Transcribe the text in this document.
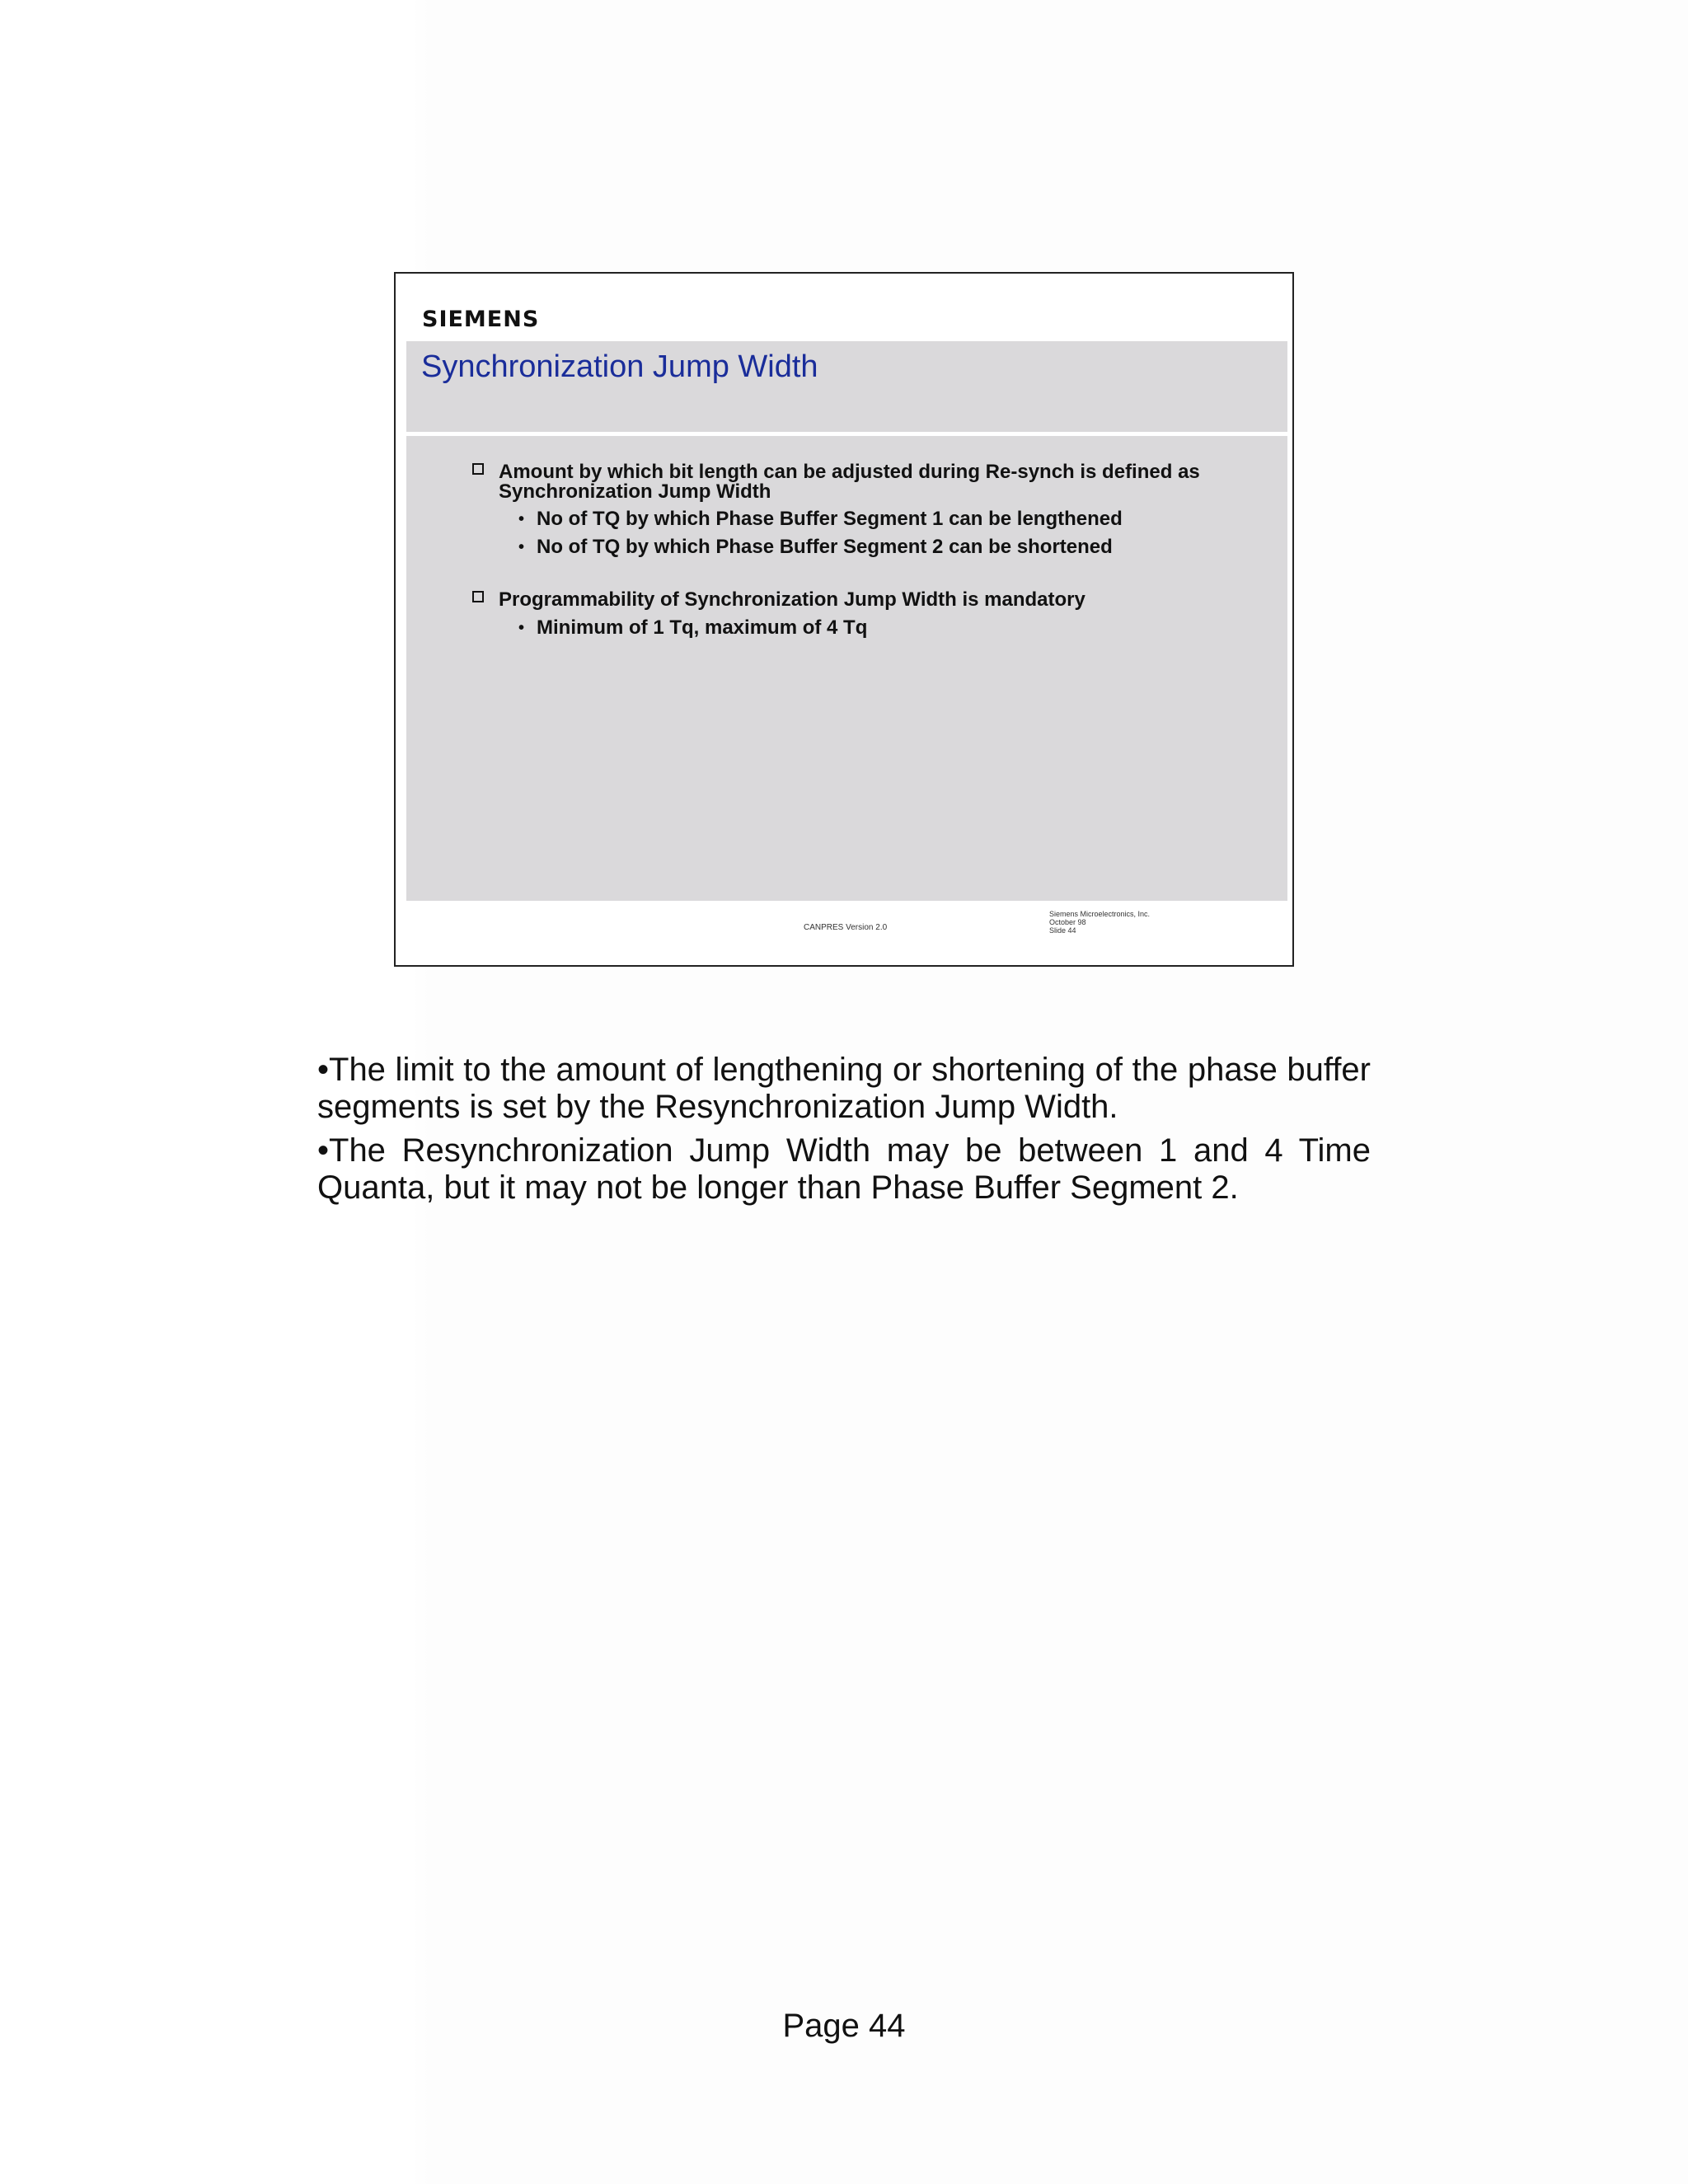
SIEMENS
Synchronization Jump Width
Amount by which bit length can be adjusted during Re-synch is defined as
Synchronization Jump Width
• No of TQ by which Phase Buffer Segment 1 can be lengthened
• No of TQ by which Phase Buffer Segment 2 can be shortened
Programmability of Synchronization Jump Width is mandatory
• Minimum of 1 Tq, maximum of 4 Tq
CANPRES Version 2.0
Siemens Microelectronics, Inc.
October 98
Slide 44

•The limit to the amount of lengthening or shortening of the phase buffer segments is set by the Resynchronization Jump Width.

•The Resynchronization Jump Width may be between 1 and 4 Time Quanta, but it may not be longer than Phase Buffer Segment 2.

Page 44
